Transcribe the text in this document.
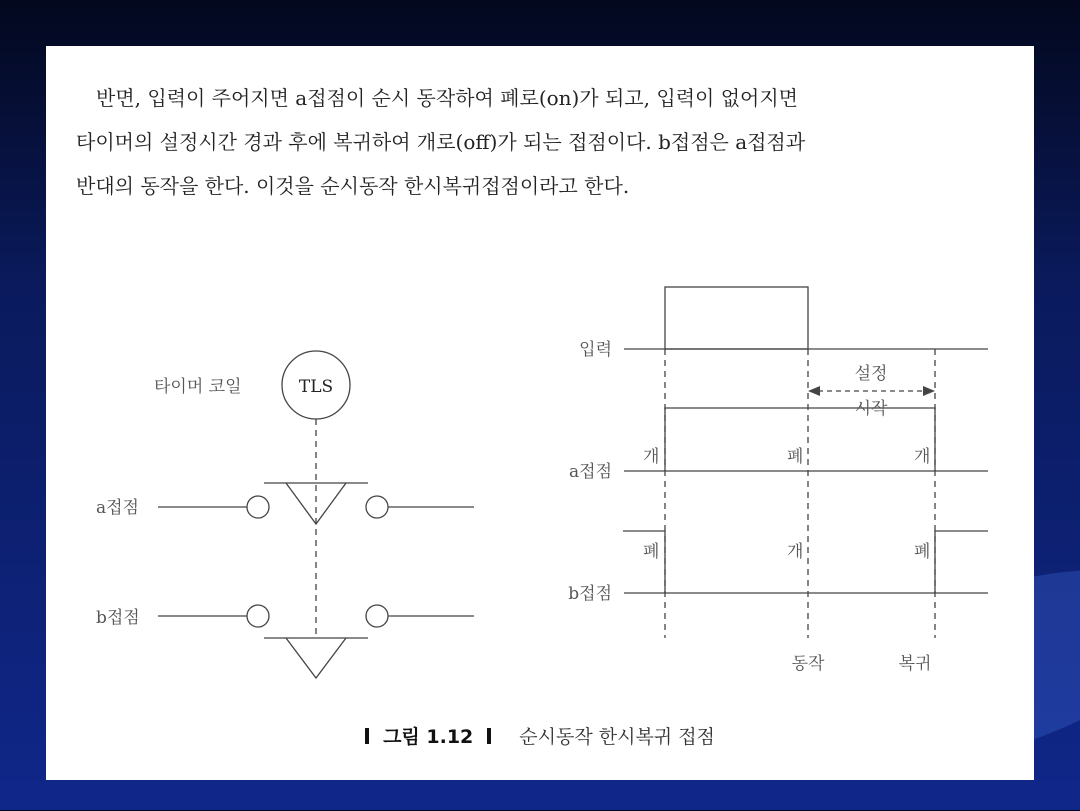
반면, 입력이 주어지면 a접점이 순시 동작하여 폐로(on)가 되고, 입력이 없어지면
타이머의 설정시간 경과 후에 복귀하여 개로(off)가 되는 접점이다. b접점은 a접점과
반대의 동작을 한다. 이것을 순시동작 한시복귀접점이라고 한다.

타이머 코일	TLS
a접점
b접점
입력
a접점
b접점
설정
시작
개	폐	개
폐	개	폐
동작	복귀
그림 1.12 순시동작 한시복귀 접점
